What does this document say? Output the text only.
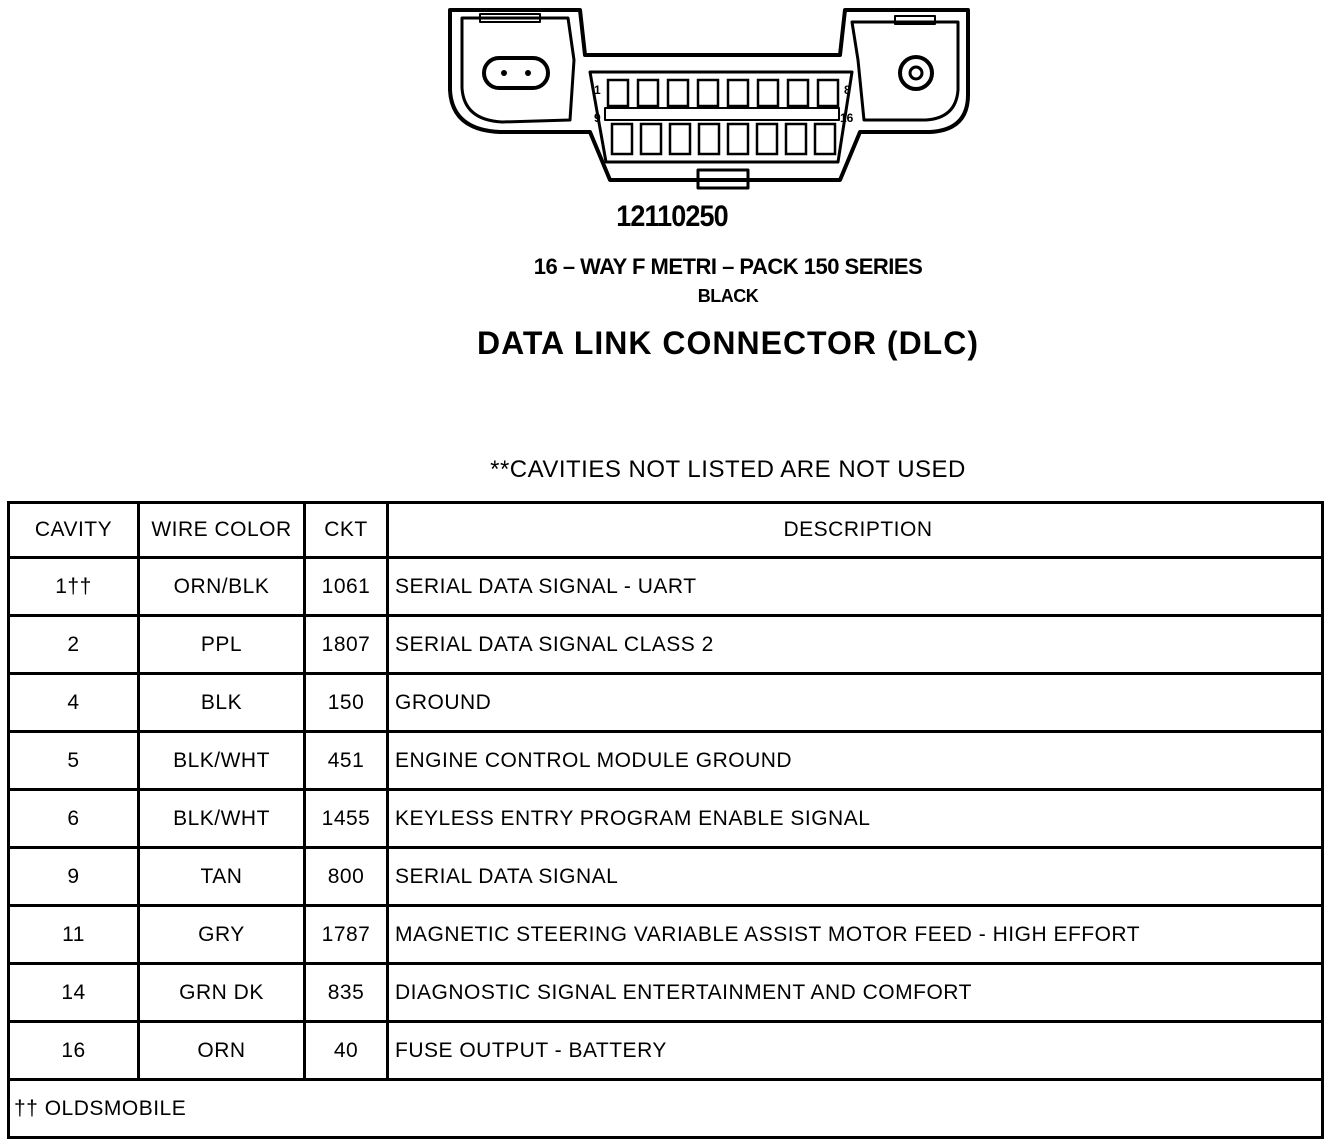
1	8
9	16
12110250
16 – WAY F METRI – PACK 150 SERIES
BLACK
DATA LINK CONNECTOR (DLC)
**CAVITIES NOT LISTED ARE NOT USED
CAVITY	WIRE COLOR	CKT	DESCRIPTION
1††	ORN/BLK	1061	SERIAL DATA SIGNAL - UART
2	PPL	1807	SERIAL DATA SIGNAL CLASS 2
4	BLK	150	GROUND
5	BLK/WHT	451	ENGINE CONTROL MODULE GROUND
6	BLK/WHT	1455	KEYLESS ENTRY PROGRAM ENABLE SIGNAL
9	TAN	800	SERIAL DATA SIGNAL
11	GRY	1787	MAGNETIC STEERING VARIABLE ASSIST MOTOR FEED - HIGH EFFORT
14	GRN DK	835	DIAGNOSTIC SIGNAL ENTERTAINMENT AND COMFORT
16	ORN	40	FUSE OUTPUT - BATTERY
†† OLDSMOBILE			
